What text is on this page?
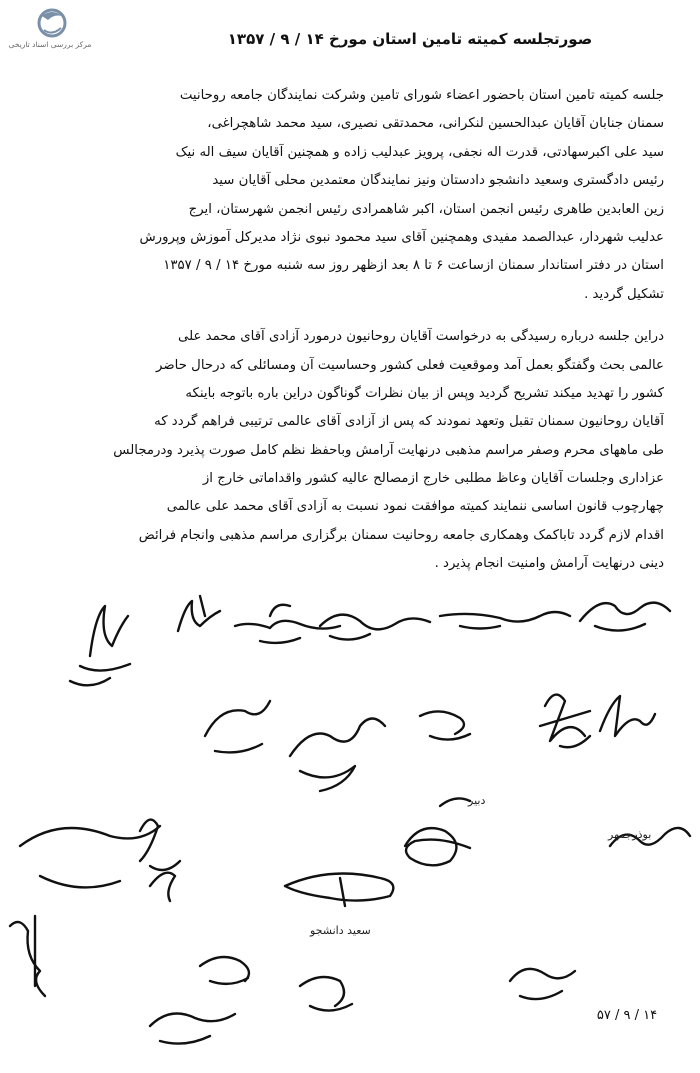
مرکز بررسی اسناد تاریخی	صورتجلسه کمیته تامین استان مورخ ۱۴ / ۹ / ۱۳۵۷
جلسه کمیته تامین استان باحضور اعضاء شورای تامین وشرکت نمایندگان جامعه روحانیت
سمنان جنابان آقایان عبدالحسین لنکرانی، محمدتقی نصیری، سید محمد شاهچراغی،
سید علی اکبرسهادتی، قدرت اله نجفی، پرویز عبدلیب زاده و همچنین آقایان سیف اله نیک
رئیس دادگستری وسعید دانشجو دادستان ونیز نمایندگان معتمدین محلی آقایان سید
زین العابدین طاهری رئیس انجمن استان، اکبر شاهمرادی رئیس انجمن شهرستان، ایرج
عدلیب شهردار، عبدالصمد مفیدی وهمچنین آقای سید محمود نبوی نژاد مدیرکل آموزش وپرورش
استان در دفتر استاندار سمنان ازساعت ۶ تا ۸ بعد ازظهر روز سه شنبه مورخ ۱۴ / ۹ / ۱۳۵۷
تشکیل گردید .
دراین جلسه درباره رسیدگی به درخواست آقایان روحانیون درمورد آزادی آقای محمد علی
عالمی بحث وگفتگو بعمل آمد وموقعیت فعلی کشور وحساسیت آن ومسائلی که درحال حاضر
کشور را تهدید میکند تشریح گردید وپس از بیان نظرات گوناگون دراین باره باتوجه باینکه
آقایان روحانیون سمنان تقبل وتعهد نمودند که پس از آزادی آقای عالمی ترتیبی فراهم گردد که
طی ماههای محرم وصفر مراسم مذهبی درنهایت آرامش وباحفظ نظم کامل صورت پذیرد ودرمجالس
عزاداری وجلسات آقایان وعاظ مطلبی خارج ازمصالح عالیه کشور واقداماتی خارج از
چهارچوب قانون اساسی ننمایند کمیته موافقت نمود نسبت به آزادی آقای محمد علی عالمی
اقدام لازم گردد تاباکمک وهمکاری جامعه روحانیت سمنان برگزاری مراسم مذهبی وانجام فرائض
دینی درنهایت آرامش وامنیت انجام پذیرد .
دبیر
بوذرجمهر
سعید دانشجو
۱۴ / ۹ / ۵۷
